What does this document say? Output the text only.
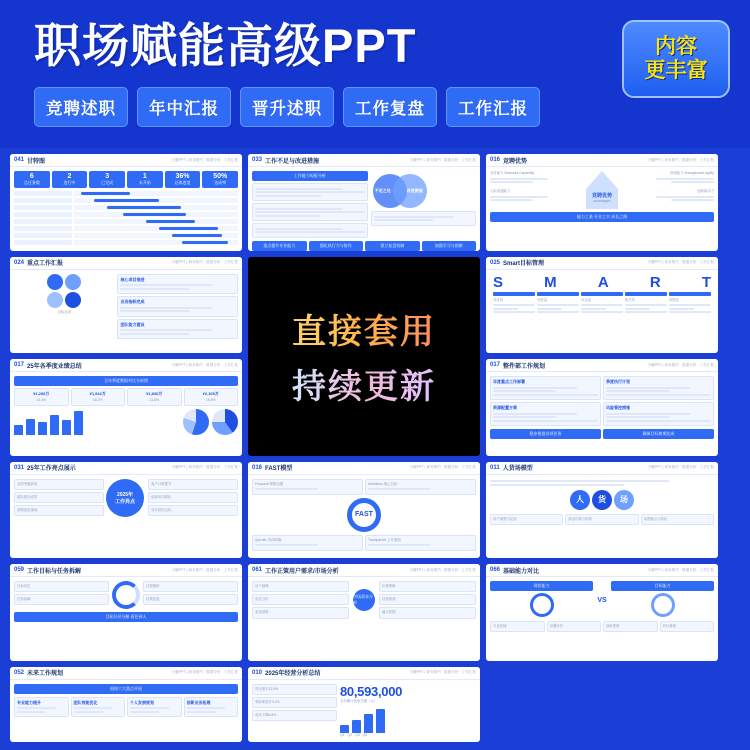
职场赋能高级PPT
竞聘述职	年中汇报	晋升述职	工作复盘	工作汇报
内容
更丰富
041 甘特图	天曜PPT | 商务简约 · 数据分析 · 工作汇报
6
总任务数
2
进行中
3
已完成
1
未开始
36%
总体进度
50%
达成率
033 工作不足与改进措施	天曜PPT | 商务简约 · 数据分析 · 工作汇报
工作能力短板分析
不足之处	改进措施
重点提升专业能力	强化执行力与协作	建立复盘机制	加强学习与创新
016 竞聘优势	天曜PPT | 商务简约 · 数据分析 · 工作汇报
业务能力 Business Capability
人际沟通能力
竞聘优势
advantages
管理能力 Management Agility
创新驱动力
能力之基 专业之实 成长之路
024 重点工作汇报	天曜PPT | 商务简约 · 数据分析 · 工作汇报
目标达成
核心项目推进
业务指标完成
团队能力建设	直接套用
持续更新
025 Smart目标管理	天曜PPT | 商务简约 · 数据分析 · 工作汇报
S	M	A	R	T
具体的	可度量	可达成	相关性	时限性
017 25年各季度业绩总结	天曜PPT | 商务简约 · 数据分析 · 工作汇报
全年季度数据对比分析图
¥1,286万
12.4%
¥1,542万
18.2%
¥1,830万
21.5%
¥2,105万
15.8%
017 整件部工作规划	天曜PPT | 商务简约 · 数据分析 · 工作汇报
年度重点工作部署	季度执行计划
资源配置方案	风险管控措施
稳步推进各项任务	确保目标如期达成
031 25年工作亮点展示	天曜PPT | 商务简约 · 数据分析 · 工作汇报
业绩突破新高
团队建设成效
流程优化落地
2025年
工作亮点
客户口碑提升
创新项目孵化
成本管控达标
016 FAST模型	天曜PPT | 商务简约 · 数据分析 · 工作汇报
Frequent 频繁沟通	Ambitious 雄心目标
FAST
Specific 具体明确	Transparent 公开透明
011 人货场模型	天曜PPT | 商务简约 · 数据分析 · 工作汇报
人	货	场
用户洞察与运营	商品结构与供给	场景触达与转化
059 工作目标与任务拆解	天曜PPT | 商务简约 · 数据分析 · 工作汇报
目标设定
任务拆解
过程跟踪
结果复盘
目标层层分解 责任到人
061 工作正策用户需求/市场分析	天曜PPT | 商务简约 · 数据分析 · 工作汇报
用户画像
竞品分析
渠道洞察
市场需求分析
价格策略
趋势预测
痛点挖掘
066 基础能力对比	天曜PPT | 商务简约 · 数据分析 · 工作汇报
现状能力
VS
目标能力
专业技能	沟通协作	创新思维	执行落地
052 未来工作规划	天曜PPT | 商务简约 · 数据分析 · 工作汇报
围绕六大重点开展
专业能力提升	团队效能优化	个人发展规划	创新业务拓展
010 2025年经营分析总结	天曜PPT | 商务简约 · 数据分析 · 工作汇报
同比增长12.5%
利润率提升3.2%
成本下降5.8%
80,593,000
全年累计营收总额（元）
Q1 Q2 Q3 Q4
